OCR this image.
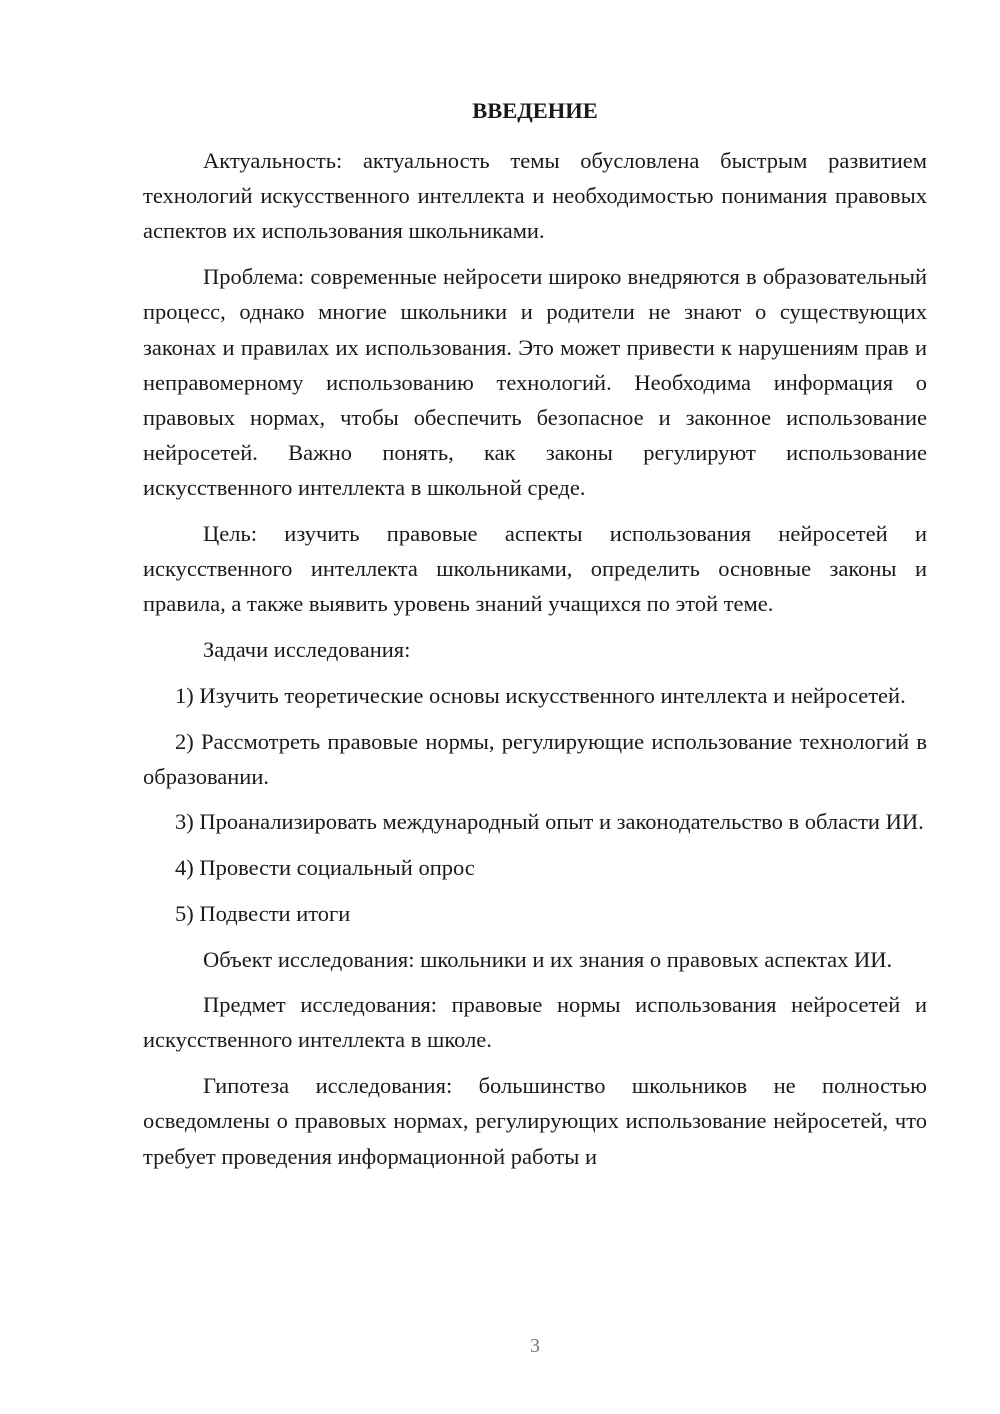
ВВЕДЕНИЕ

Актуальность: актуальность темы обусловлена быстрым развитием технологий искусственного интеллекта и необходимостью понимания правовых аспектов их использования школьниками.

Проблема: современные нейросети широко внедряются в образовательный процесс, однако многие школьники и родители не знают о существующих законах и правилах их использования. Это может привести к нарушениям прав и неправомерному использованию технологий. Необходима информация о правовых нормах, чтобы обеспечить безопасное и законное использование нейросетей. Важно понять, как законы регулируют использование искусственного интеллекта в школьной среде.

Цель: изучить правовые аспекты использования нейросетей и искусственного интеллекта школьниками, определить основные законы и правила, а также выявить уровень знаний учащихся по этой теме.

Задачи исследования:

1) Изучить теоретические основы искусственного интеллекта и нейросетей.

2) Рассмотреть правовые нормы, регулирующие использование технологий в образовании.

3) Проанализировать международный опыт и законодательство в области ИИ.

4) Провести социальный опрос

5) Подвести итоги

Объект исследования: школьники и их знания о правовых аспектах ИИ.

Предмет исследования: правовые нормы использования нейросетей и искусственного интеллекта в школе.

Гипотеза исследования: большинство школьников не полностью осведомлены о правовых нормах, регулирующих использование нейросетей, что требует проведения информационной работы и

3
